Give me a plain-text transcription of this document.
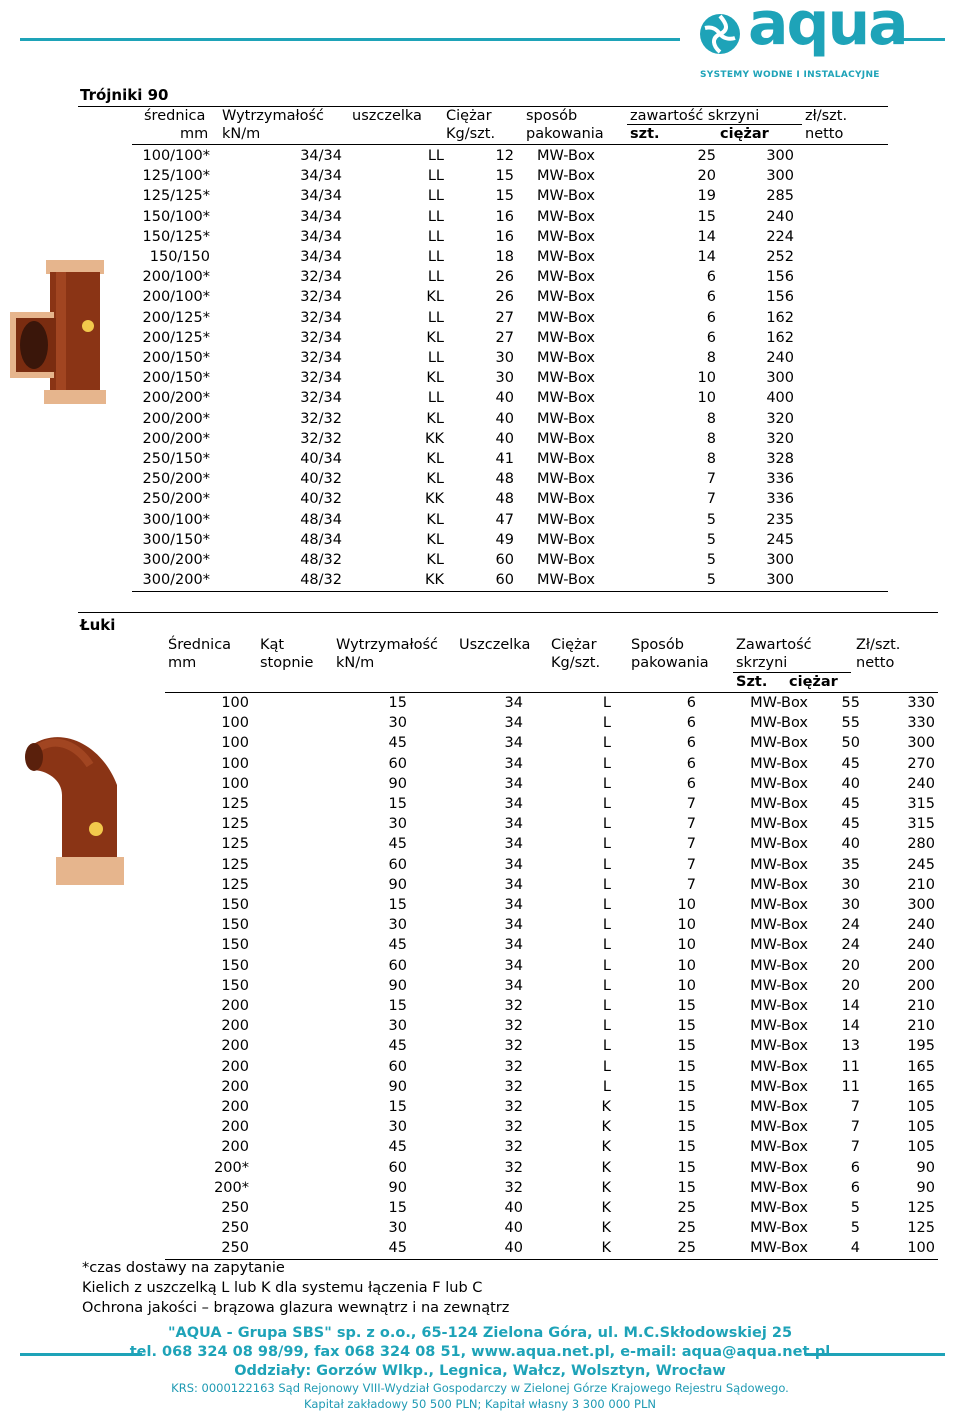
aqua
SYSTEMY WODNE I INSTALACYJNE
Trójniki 90
średnica
mm
Wytrzymałość
kN/m
uszczelka Ciężar
Kg/szt.
sposób
pakowania
zawartość skrzyni
szt.	ciężar
zł/szt.
netto
100/100*	34/34	LL	12	MW-Box	25	300
125/100*	34/34	LL	15	MW-Box	20	300
125/125*	34/34	LL	15	MW-Box	19	285
150/100*	34/34	LL	16	MW-Box	15	240
150/125*	34/34	LL	16	MW-Box	14	224
150/150	34/34	LL	18	MW-Box	14	252
200/100*	32/34	LL	26	MW-Box	6	156
200/100*	32/34	KL	26	MW-Box	6	156
200/125*	32/34	LL	27	MW-Box	6	162
200/125*	32/34	KL	27	MW-Box	6	162
200/150*	32/34	LL	30	MW-Box	8	240
200/150*	32/34	KL	30	MW-Box	10	300
200/200*	32/34	LL	40	MW-Box	10	400
200/200*	32/32	KL	40	MW-Box	8	320
200/200*	32/32	KK	40	MW-Box	8	320
250/150*	40/34	KL	41	MW-Box	8	328
250/200*	40/32	KL	48	MW-Box	7	336
250/200*	40/32	KK	48	MW-Box	7	336
300/100*	48/34	KL	47	MW-Box	5	235
300/150*	48/34	KL	49	MW-Box	5	245
300/200*	48/32	KL	60	MW-Box	5	300
300/200*	48/32	KK	60	MW-Box	5	300
Łuki
Średnica
mm
Kąt
stopnie
Wytrzymałość
kN/m
Uszczelka Ciężar
Kg/szt.
Sposób
pakowania
Zawartość
skrzyni
Szt. ciężar
Zł/szt.
netto
100	15	34	L	6	MW-Box	55	330
100	30	34	L	6	MW-Box	55	330
100	45	34	L	6	MW-Box	50	300
100	60	34	L	6	MW-Box	45	270
100	90	34	L	6	MW-Box	40	240
125	15	34	L	7	MW-Box	45	315
125	30	34	L	7	MW-Box	45	315
125	45	34	L	7	MW-Box	40	280
125	60	34	L	7	MW-Box	35	245
125	90	34	L	7	MW-Box	30	210
150	15	34	L	10	MW-Box	30	300
150	30	34	L	10	MW-Box	24	240
150	45	34	L	10	MW-Box	24	240
150	60	34	L	10	MW-Box	20	200
150	90	34	L	10	MW-Box	20	200
200	15	32	L	15	MW-Box	14	210
200	30	32	L	15	MW-Box	14	210
200	45	32	L	15	MW-Box	13	195
200	60	32	L	15	MW-Box	11	165
200	90	32	L	15	MW-Box	11	165
200	15	32	K	15	MW-Box	7	105
200	30	32	K	15	MW-Box	7	105
200	45	32	K	15	MW-Box	7	105
200*	60	32	K	15	MW-Box	6	90
200*	90	32	K	15	MW-Box	6	90
250	15	40	K	25	MW-Box	5	125
250	30	40	K	25	MW-Box	5	125
250	45	40	K	25	MW-Box	4	100
*czas dostawy na zapytanie
Kielich z uszczelką L lub K dla systemu łączenia F lub C
Ochrona jakości – brązowa glazura wewnątrz i na zewnątrz
"AQUA - Grupa SBS" sp. z o.o., 65-124 Zielona Góra, ul. M.C.Skłodowskiej 25
tel. 068 324 08 98/99, fax 068 324 08 51, www.aqua.net.pl, e-mail: aqua@aqua.net.pl
Oddziały: Gorzów Wlkp., Legnica, Wałcz, Wolsztyn, Wrocław
KRS: 0000122163 Sąd Rejonowy VIII-Wydział Gospodarczy w Zielonej Górze Krajowego Rejestru Sądowego.
Kapitał zakładowy 50 500 PLN; Kapitał własny 3 300 000 PLN
